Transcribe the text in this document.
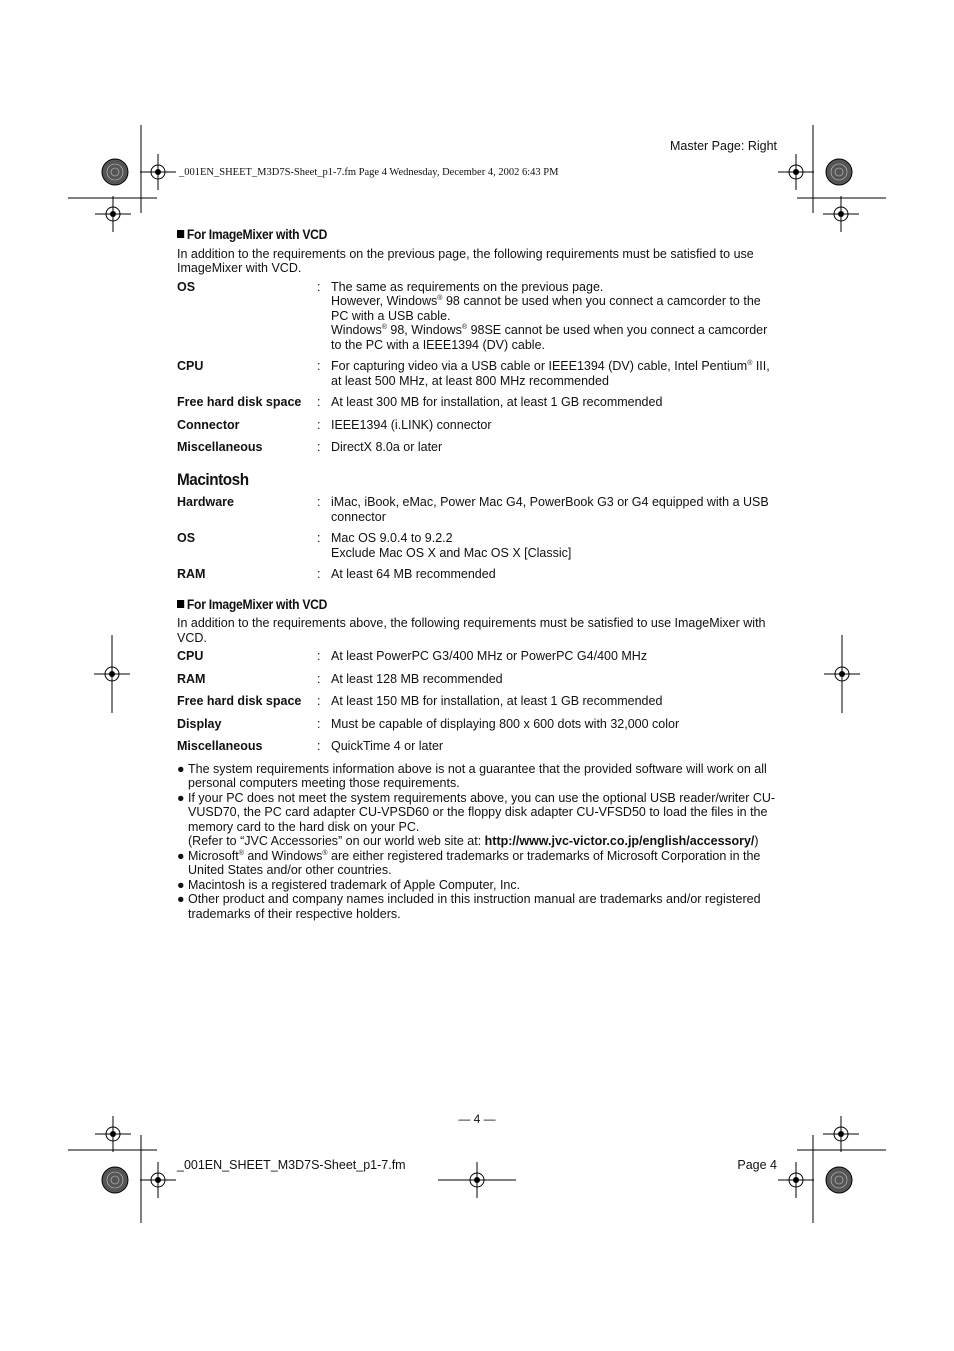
Master Page: Right
_001EN_SHEET_M3D7S-Sheet_p1-7.fm Page 4 Wednesday, December 4, 2002 6:43 PM
For ImageMixer with VCD
In addition to the requirements on the previous page, the following requirements must be satisfied to use ImageMixer with VCD.
OS	: The same as requirements on the previous page.

However, Windows® 98 cannot be used when you connect a camcorder to the PC with a USB cable.

Windows® 98, Windows® 98SE cannot be used when you connect a camcorder to the PC with a IEEE1394 (DV) cable.

CPU	: For capturing video via a USB cable or IEEE1394 (DV) cable, Intel Pentium® III, at least 500 MHz, at least 800 MHz recommended
Free hard disk space	: At least 300 MB for installation, at least 1 GB recommended
Connector	: IEEE1394 (i.LINK) connector
Miscellaneous	: DirectX 8.0a or later
Macintosh
Hardware	: iMac, iBook, eMac, Power Mac G4, PowerBook G3 or G4 equipped with a USB connector
OS	: Mac OS 9.0.4 to 9.2.2

Exclude Mac OS X and Mac OS X [Classic]

RAM	: At least 64 MB recommended
For ImageMixer with VCD
In addition to the requirements above, the following requirements must be satisfied to use ImageMixer with VCD.
CPU	: At least PowerPC G3/400 MHz or PowerPC G4/400 MHz
RAM	: At least 128 MB recommended
Free hard disk space	: At least 150 MB for installation, at least 1 GB recommended
Display	: Must be capable of displaying 800 x 600 dots with 32,000 color
Miscellaneous	: QuickTime 4 or later
● The system requirements information above is not a guarantee that the provided software will work on all personal computers meeting those requirements.
● If your PC does not meet the system requirements above, you can use the optional USB reader/writer CU-VUSD70, the PC card adapter CU-VPSD60 or the floppy disk adapter CU-VFSD50 to load the files in the memory card to the hard disk on your PC.

(Refer to “JVC Accessories” on our world web site at: http://www.jvc-victor.co.jp/english/accessory/)

● Microsoft® and Windows® are either registered trademarks or trademarks of Microsoft Corporation in the United States and/or other countries.
● Macintosh is a registered trademark of Apple Computer, Inc.
● Other product and company names included in this instruction manual are trademarks and/or registered trademarks of their respective holders.
— 4 —
_001EN_SHEET_M3D7S-Sheet_p1-7.fm	Page 4
